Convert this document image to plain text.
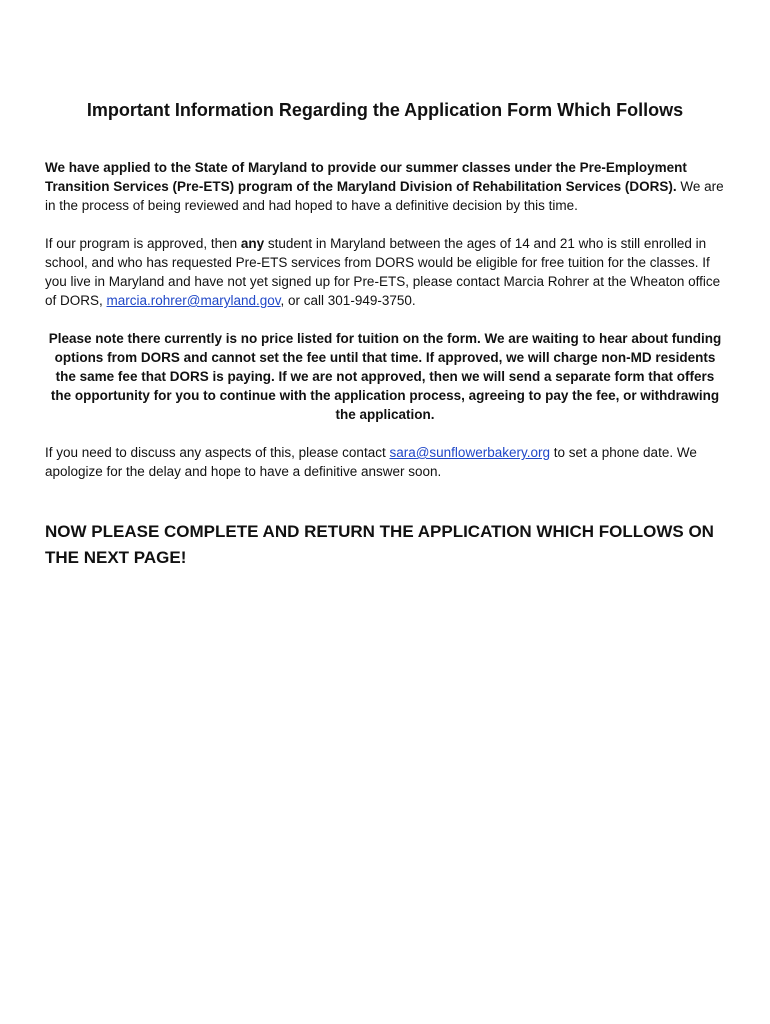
Important Information Regarding the Application Form Which Follows

We have applied to the State of Maryland to provide our summer classes under the Pre-Employment Transition Services (Pre-ETS) program of the Maryland Division of Rehabilitation Services (DORS). We are in the process of being reviewed and had hoped to have a definitive decision by this time.

If our program is approved, then any student in Maryland between the ages of 14 and 21 who is still enrolled in school, and who has requested Pre-ETS services from DORS would be eligible for free tuition for the classes. If you live in Maryland and have not yet signed up for Pre-ETS, please contact Marcia Rohrer at the Wheaton office of DORS, marcia.rohrer@maryland.gov, or call 301-949-3750.

Please note there currently is no price listed for tuition on the form. We are waiting to hear about funding options from DORS and cannot set the fee until that time. If approved, we will charge non-MD residents the same fee that DORS is paying. If we are not approved, then we will send a separate form that offers the opportunity for you to continue with the application process, agreeing to pay the fee, or withdrawing the application.

If you need to discuss any aspects of this, please contact sara@sunflowerbakery.org to set a phone date. We apologize for the delay and hope to have a definitive answer soon.

NOW PLEASE COMPLETE AND RETURN THE APPLICATION WHICH FOLLOWS ON THE NEXT PAGE!
